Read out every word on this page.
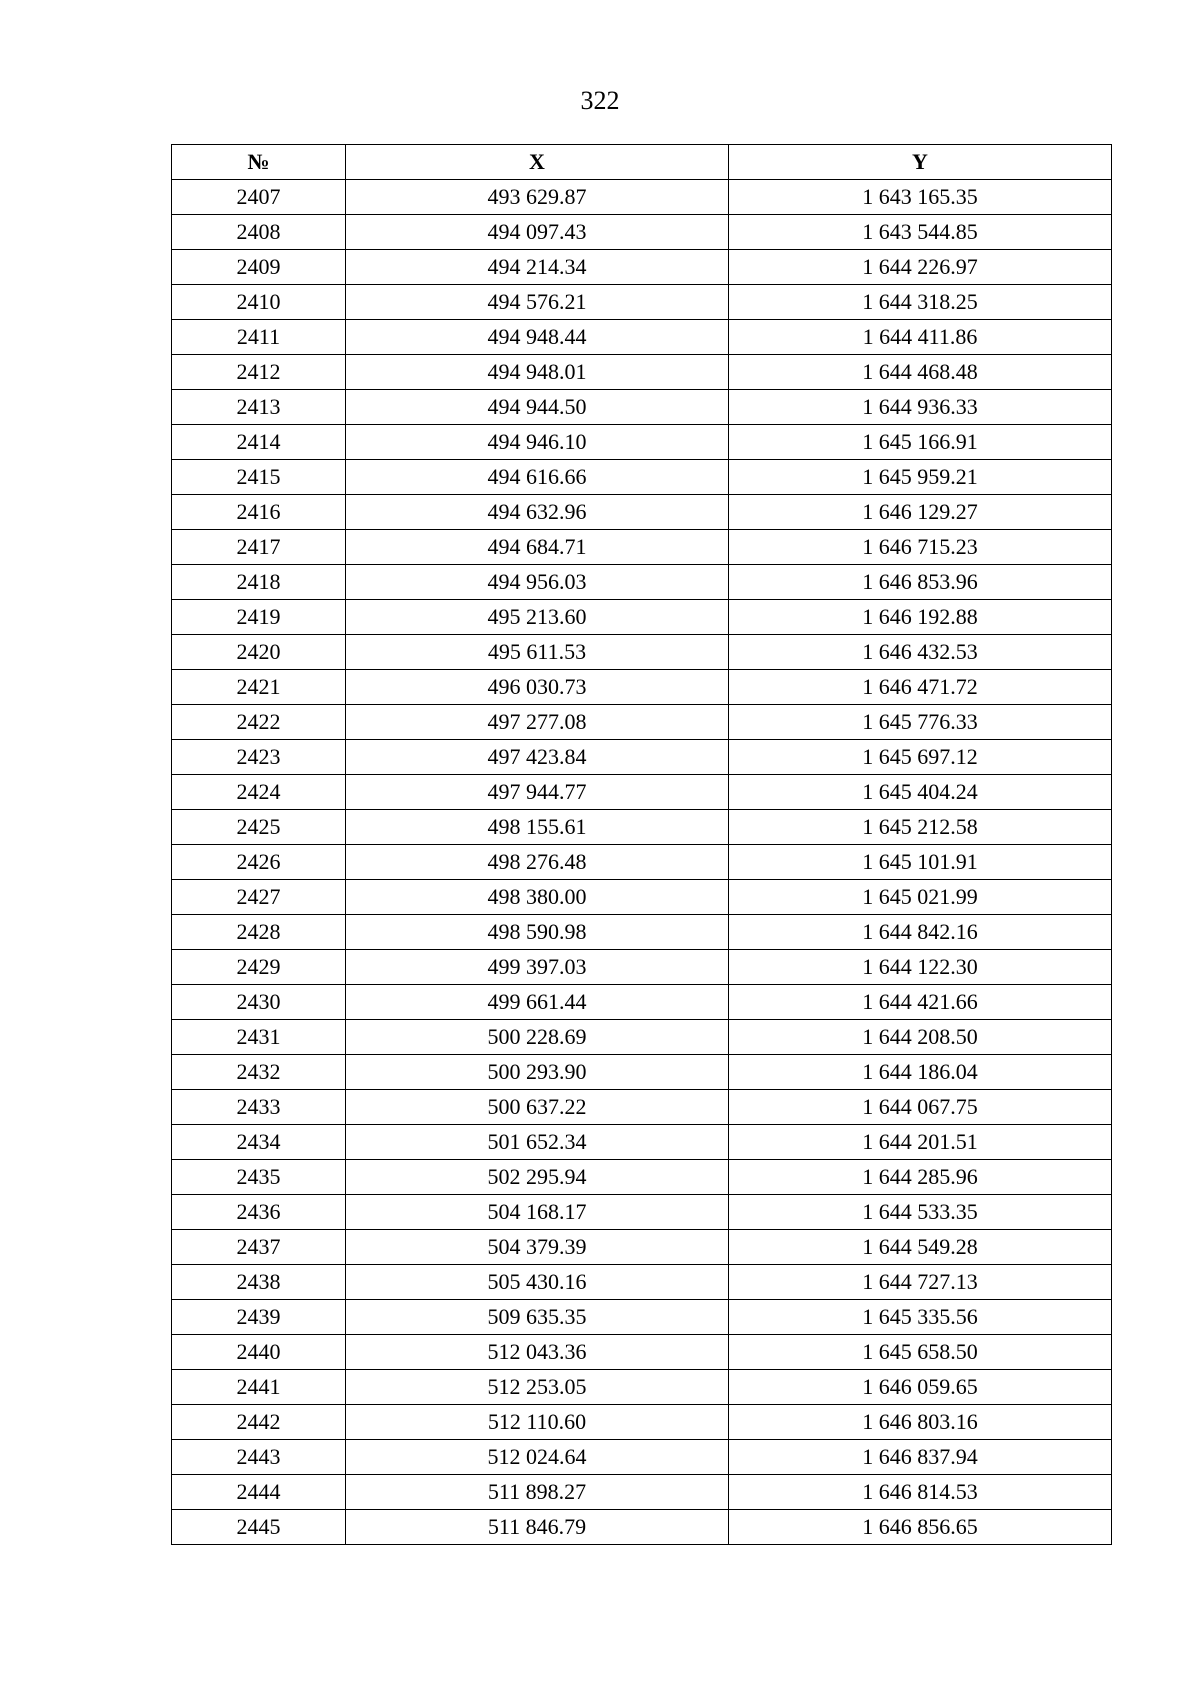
322
№	X	Y
2407	493 629.87	1 643 165.35
2408	494 097.43	1 643 544.85
2409	494 214.34	1 644 226.97
2410	494 576.21	1 644 318.25
2411	494 948.44	1 644 411.86
2412	494 948.01	1 644 468.48
2413	494 944.50	1 644 936.33
2414	494 946.10	1 645 166.91
2415	494 616.66	1 645 959.21
2416	494 632.96	1 646 129.27
2417	494 684.71	1 646 715.23
2418	494 956.03	1 646 853.96
2419	495 213.60	1 646 192.88
2420	495 611.53	1 646 432.53
2421	496 030.73	1 646 471.72
2422	497 277.08	1 645 776.33
2423	497 423.84	1 645 697.12
2424	497 944.77	1 645 404.24
2425	498 155.61	1 645 212.58
2426	498 276.48	1 645 101.91
2427	498 380.00	1 645 021.99
2428	498 590.98	1 644 842.16
2429	499 397.03	1 644 122.30
2430	499 661.44	1 644 421.66
2431	500 228.69	1 644 208.50
2432	500 293.90	1 644 186.04
2433	500 637.22	1 644 067.75
2434	501 652.34	1 644 201.51
2435	502 295.94	1 644 285.96
2436	504 168.17	1 644 533.35
2437	504 379.39	1 644 549.28
2438	505 430.16	1 644 727.13
2439	509 635.35	1 645 335.56
2440	512 043.36	1 645 658.50
2441	512 253.05	1 646 059.65
2442	512 110.60	1 646 803.16
2443	512 024.64	1 646 837.94
2444	511 898.27	1 646 814.53
2445	511 846.79	1 646 856.65
